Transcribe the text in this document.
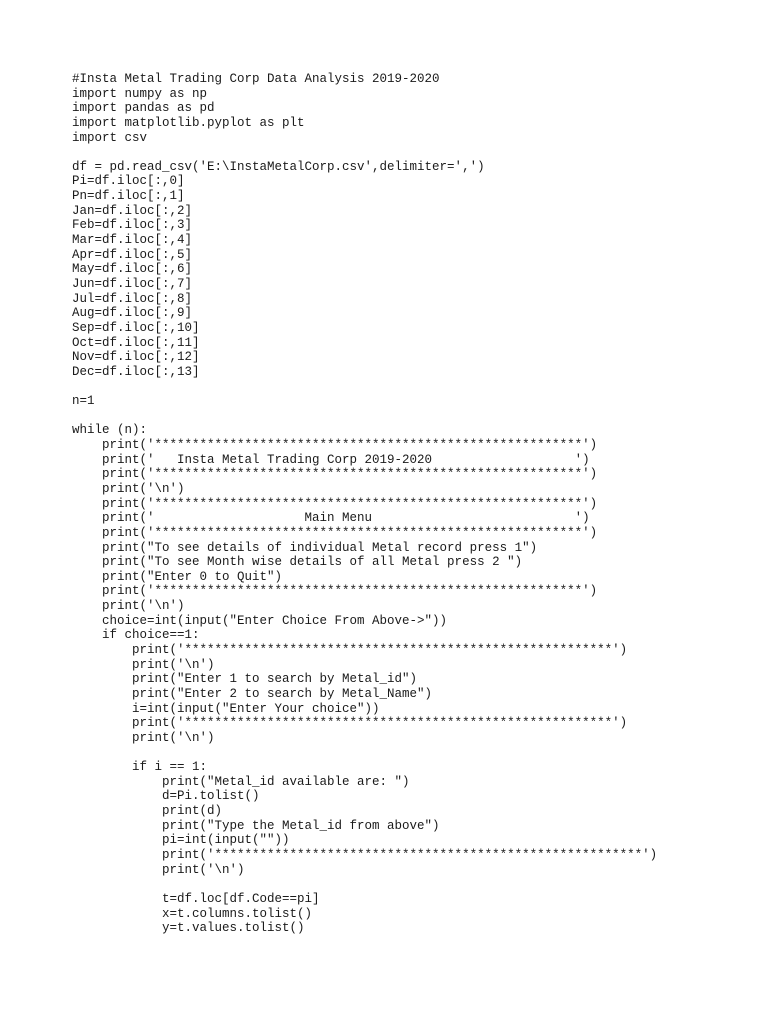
#Insta Metal Trading Corp Data Analysis 2019-2020
import numpy as np
import pandas as pd
import matplotlib.pyplot as plt
import csv
df = pd.read_csv('E:\InstaMetalCorp.csv',delimiter=',')
Pi=df.iloc[:,0]
Pn=df.iloc[:,1]
Jan=df.iloc[:,2]
Feb=df.iloc[:,3]
Mar=df.iloc[:,4]
Apr=df.iloc[:,5]
May=df.iloc[:,6]
Jun=df.iloc[:,7]
Jul=df.iloc[:,8]
Aug=df.iloc[:,9]
Sep=df.iloc[:,10]
Oct=df.iloc[:,11]
Nov=df.iloc[:,12]
Dec=df.iloc[:,13]
n=1
while (n):
print('*********************************************************')
print('   Insta Metal Trading Corp 2019-2020                   ')
print('*********************************************************')
print('\n')
print('*********************************************************')
print('                    Main Menu                           ')
print('*********************************************************')
print("To see details of individual Metal record press 1")
print("To see Month wise details of all Metal press 2 ")
print("Enter 0 to Quit")
print('*********************************************************')
print('\n')
choice=int(input("Enter Choice From Above->"))
if choice==1:
print('*********************************************************')
print('\n')
print("Enter 1 to search by Metal_id")
print("Enter 2 to search by Metal_Name")
i=int(input("Enter Your choice"))
print('*********************************************************')
print('\n')
if i == 1:
print("Metal_id available are: ")
d=Pi.tolist()
print(d)
print("Type the Metal_id from above")
pi=int(input(""))
print('*********************************************************')
print('\n')
t=df.loc[df.Code==pi]
x=t.columns.tolist()
y=t.values.tolist()
